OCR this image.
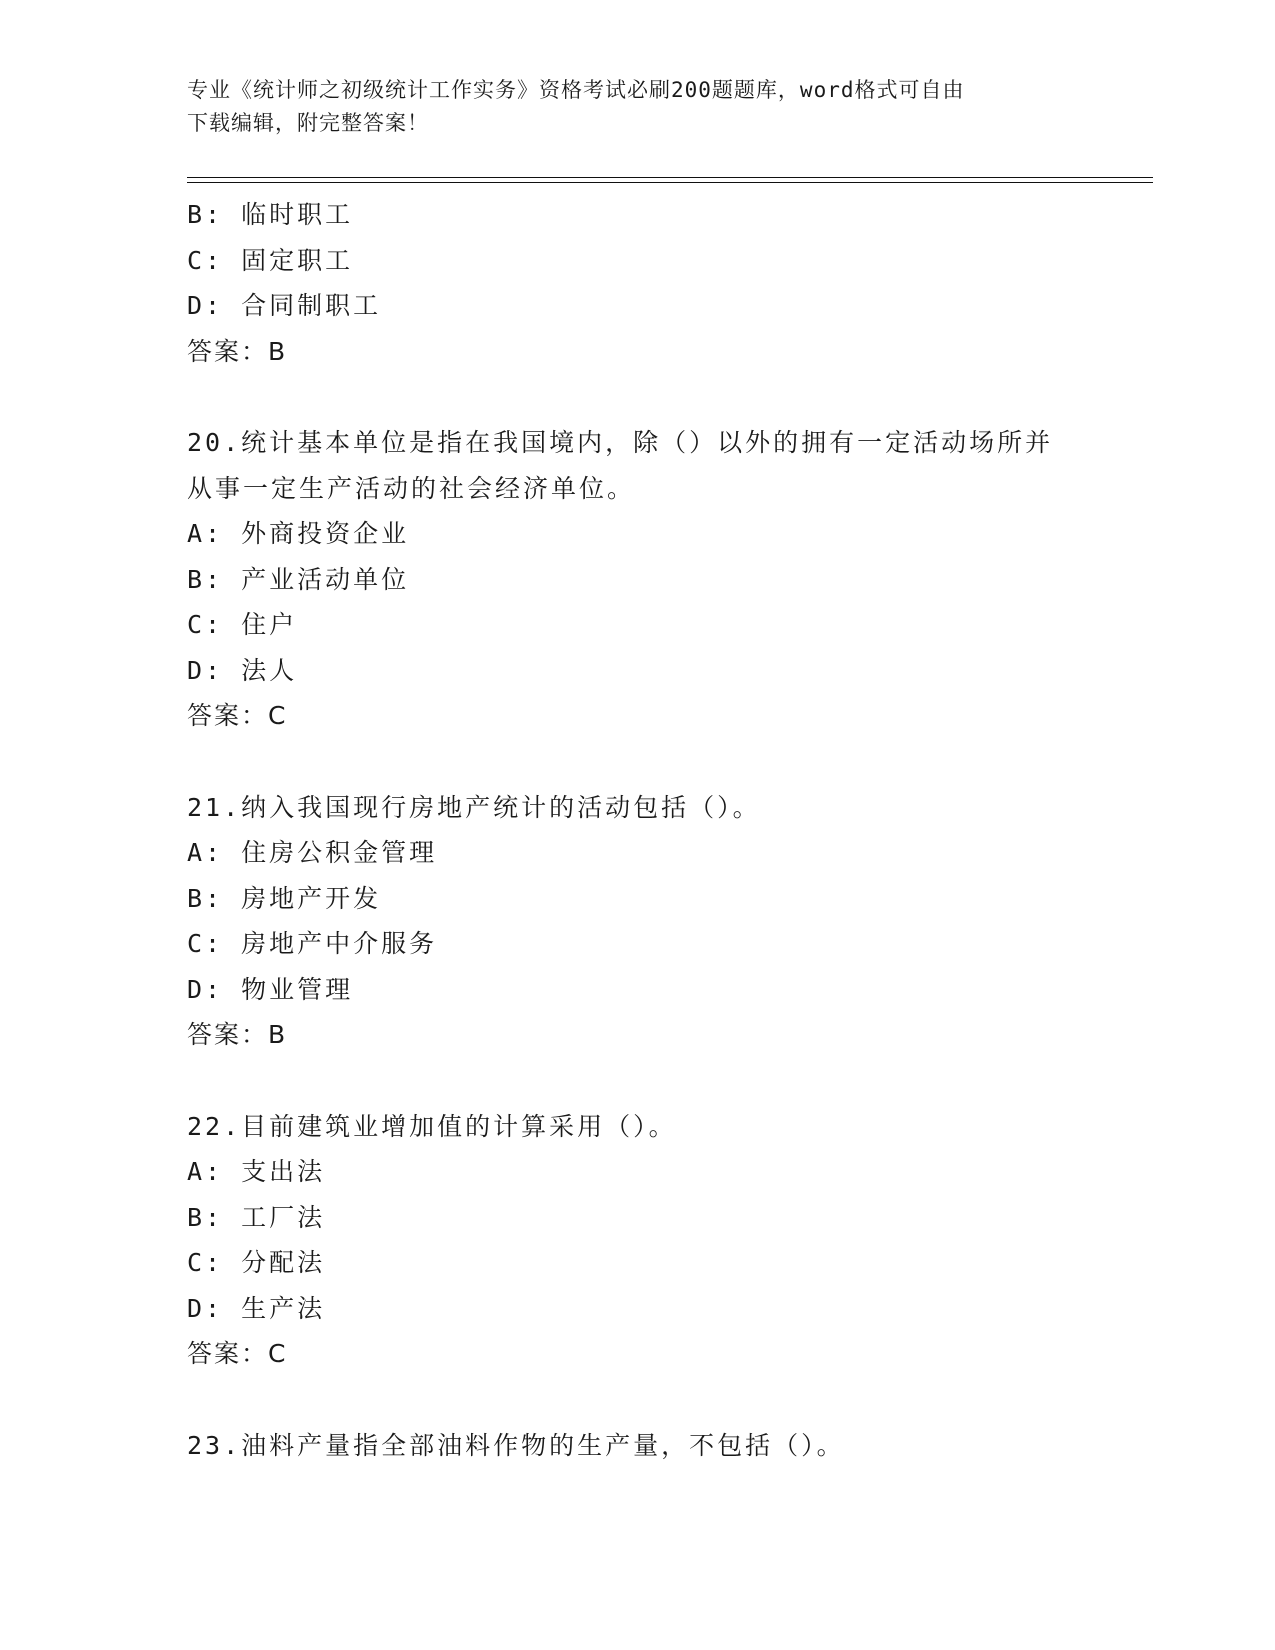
专业《统计师之初级统计工作实务》资格考试必刷200题题库，word格式可自由
下载编辑，附完整答案！
B: 临时职工
C: 固定职工
D: 合同制职工
答案：B
20.统计基本单位是指在我国境内，除（）以外的拥有一定活动场所并
从事一定生产活动的社会经济单位。
A: 外商投资企业
B: 产业活动单位
C: 住户
D: 法人
答案：C
21.纳入我国现行房地产统计的活动包括（）。
A: 住房公积金管理
B: 房地产开发
C: 房地产中介服务
D: 物业管理
答案：B
22.目前建筑业增加值的计算采用（）。
A: 支出法
B: 工厂法
C: 分配法
D: 生产法
答案：C
23.油料产量指全部油料作物的生产量，不包括（）。
